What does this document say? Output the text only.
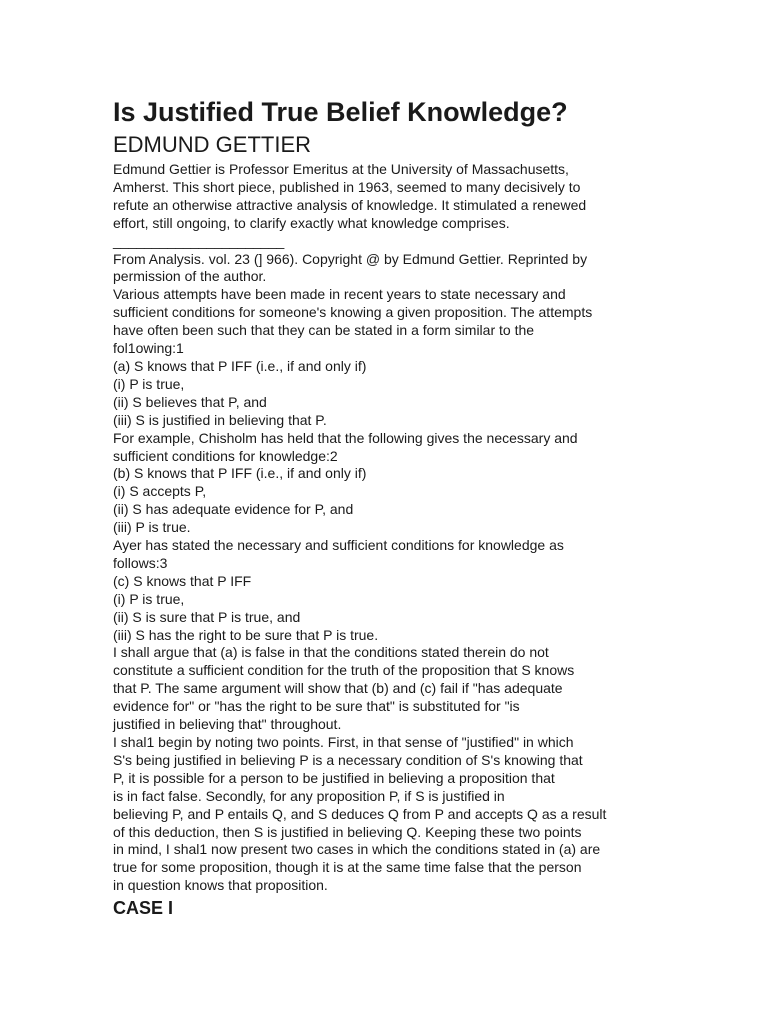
Is Justified True Belief Knowledge?
EDMUND GETTIER
Edmund Gettier is Professor Emeritus at the University of Massachusetts,
Amherst. This short piece, published in 1963, seemed to many decisively to
refute an otherwise attractive analysis of knowledge. It stimulated a renewed
effort, still ongoing, to clarify exactly what knowledge comprises.
______________________
From Analysis. vol. 23 (] 966). Copyright @ by Edmund Gettier. Reprinted by
permission of the author.
Various attempts have been made in recent years to state necessary and
sufficient conditions for someone's knowing a given proposition. The attempts
have often been such that they can be stated in a form similar to the
fol1owing:1
(a) S knows that P IFF (i.e., if and only if)
(i) P is true,
(ii) S believes that P, and
(iii) S is justified in believing that P.
For example, Chisholm has held that the following gives the necessary and
sufficient conditions for knowledge:2
(b) S knows that P IFF (i.e., if and only if)
(i) S accepts P,
(ii) S has adequate evidence for P, and
(iii) P is true.
Ayer has stated the necessary and sufficient conditions for knowledge as
follows:3
(c) S knows that P IFF
(i) P is true,
(ii) S is sure that P is true, and
(iii) S has the right to be sure that P is true.
I shall argue that (a) is false in that the conditions stated therein do not
constitute a sufficient condition for the truth of the proposition that S knows
that P. The same argument will show that (b) and (c) fail if "has adequate
evidence for" or "has the right to be sure that" is substituted for "is
justified in believing that" throughout.
I shal1 begin by noting two points. First, in that sense of "justified" in which
S's being justified in believing P is a necessary condition of S's knowing that
P, it is possible for a person to be justified in believing a proposition that
is in fact false. Secondly, for any proposition P, if S is justified in
believing P, and P entails Q, and S deduces Q from P and accepts Q as a result
of this deduction, then S is justified in believing Q. Keeping these two points
in mind, I shal1 now present two cases in which the conditions stated in (a) are
true for some proposition, though it is at the same time false that the person
in question knows that proposition.
CASE I
